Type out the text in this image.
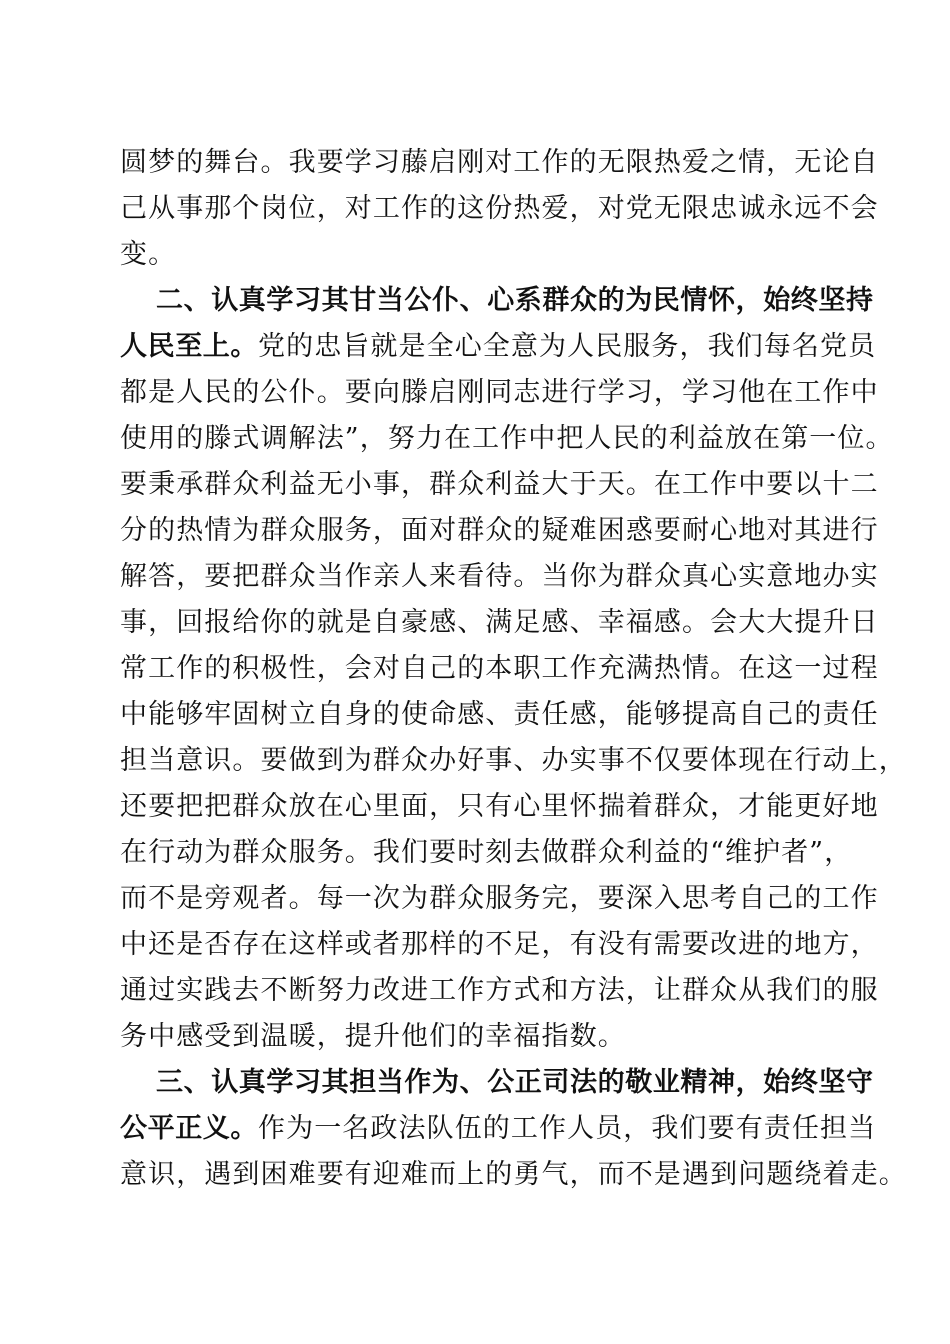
圆梦的舞台。我要学习藤启刚对工作的无限热爱之情，无论自
己从事那个岗位，对工作的这份热爱，对党无限忠诚永远不会
变。
二、认真学习其甘当公仆、心系群众的为民情怀，始终坚持
人民至上。党的忠旨就是全心全意为人民服务，我们每名党员
都是人民的公仆。要向滕启刚同志进行学习，学习他在工作中
使用的滕式调解法”，努力在工作中把人民的利益放在第一位。
要秉承群众利益无小事，群众利益大于天。在工作中要以十二
分的热情为群众服务，面对群众的疑难困惑要耐心地对其进行
解答，要把群众当作亲人来看待。当你为群众真心实意地办实
事，回报给你的就是自豪感、满足感、幸福感。会大大提升日
常工作的积极性，会对自己的本职工作充满热情。在这一过程
中能够牢固树立自身的使命感、责任感，能够提高自己的责任
担当意识。要做到为群众办好事、办实事不仅要体现在行动上，
还要把把群众放在心里面，只有心里怀揣着群众，才能更好地
在行动为群众服务。我们要时刻去做群众利益的“维护者”，
而不是旁观者。每一次为群众服务完，要深入思考自己的工作
中还是否存在这样或者那样的不足，有没有需要改进的地方，
通过实践去不断努力改进工作方式和方法，让群众从我们的服
务中感受到温暖，提升他们的幸福指数。
三、认真学习其担当作为、公正司法的敬业精神，始终坚守
公平正义。作为一名政法队伍的工作人员，我们要有责任担当
意识，遇到困难要有迎难而上的勇气，而不是遇到问题绕着走。
